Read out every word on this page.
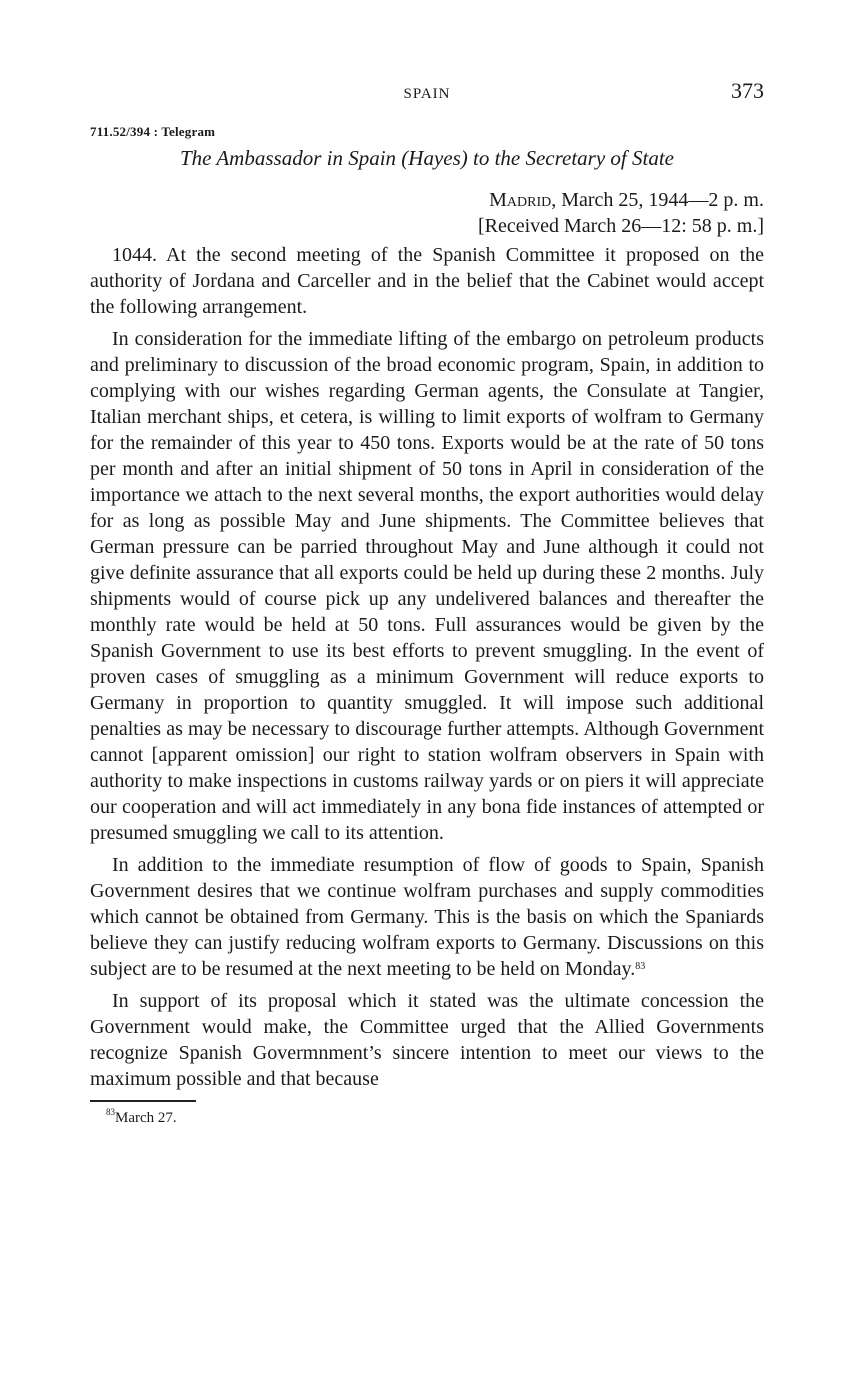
SPAIN	373
711.52/394 : Telegram
The Ambassador in Spain (Hayes) to the Secretary of State
Madrid, March 25, 1944—2 p. m.
[Received March 26—12: 58 p. m.]

1044. At the second meeting of the Spanish Committee it proposed on the authority of Jordana and Carceller and in the belief that the Cabinet would accept the following arrangement.

In consideration for the immediate lifting of the embargo on petroleum products and preliminary to discussion of the broad economic program, Spain, in addition to complying with our wishes regarding German agents, the Consulate at Tangier, Italian merchant ships, et cetera, is willing to limit exports of wolfram to Germany for the remainder of this year to 450 tons. Exports would be at the rate of 50 tons per month and after an initial shipment of 50 tons in April in consideration of the importance we attach to the next several months, the export authorities would delay for as long as possible May and June shipments. The Committee believes that German pressure can be parried throughout May and June although it could not give definite assurance that all exports could be held up during these 2 months. July shipments would of course pick up any undelivered balances and thereafter the monthly rate would be held at 50 tons. Full assurances would be given by the Spanish Government to use its best efforts to prevent smuggling. In the event of proven cases of smuggling as a minimum Government will reduce exports to Germany in proportion to quantity smuggled. It will impose such additional penalties as may be necessary to discourage further attempts. Although Government cannot [apparent omission] our right to station wolfram observers in Spain with authority to make inspections in customs railway yards or on piers it will appreciate our cooperation and will act immediately in any bona fide instances of attempted or presumed smuggling we call to its attention.

In addition to the immediate resumption of flow of goods to Spain, Spanish Government desires that we continue wolfram purchases and supply commodities which cannot be obtained from Germany. This is the basis on which the Spaniards believe they can justify reducing wolfram exports to Germany. Discussions on this subject are to be resumed at the next meeting to be held on Monday.$^{83}$

In support of its proposal which it stated was the ultimate concession the Government would make, the Committee urged that the Allied Governments recognize Spanish Govermnment’s sincere intention to meet our views to the maximum possible and that because

$^{83}$March 27.
